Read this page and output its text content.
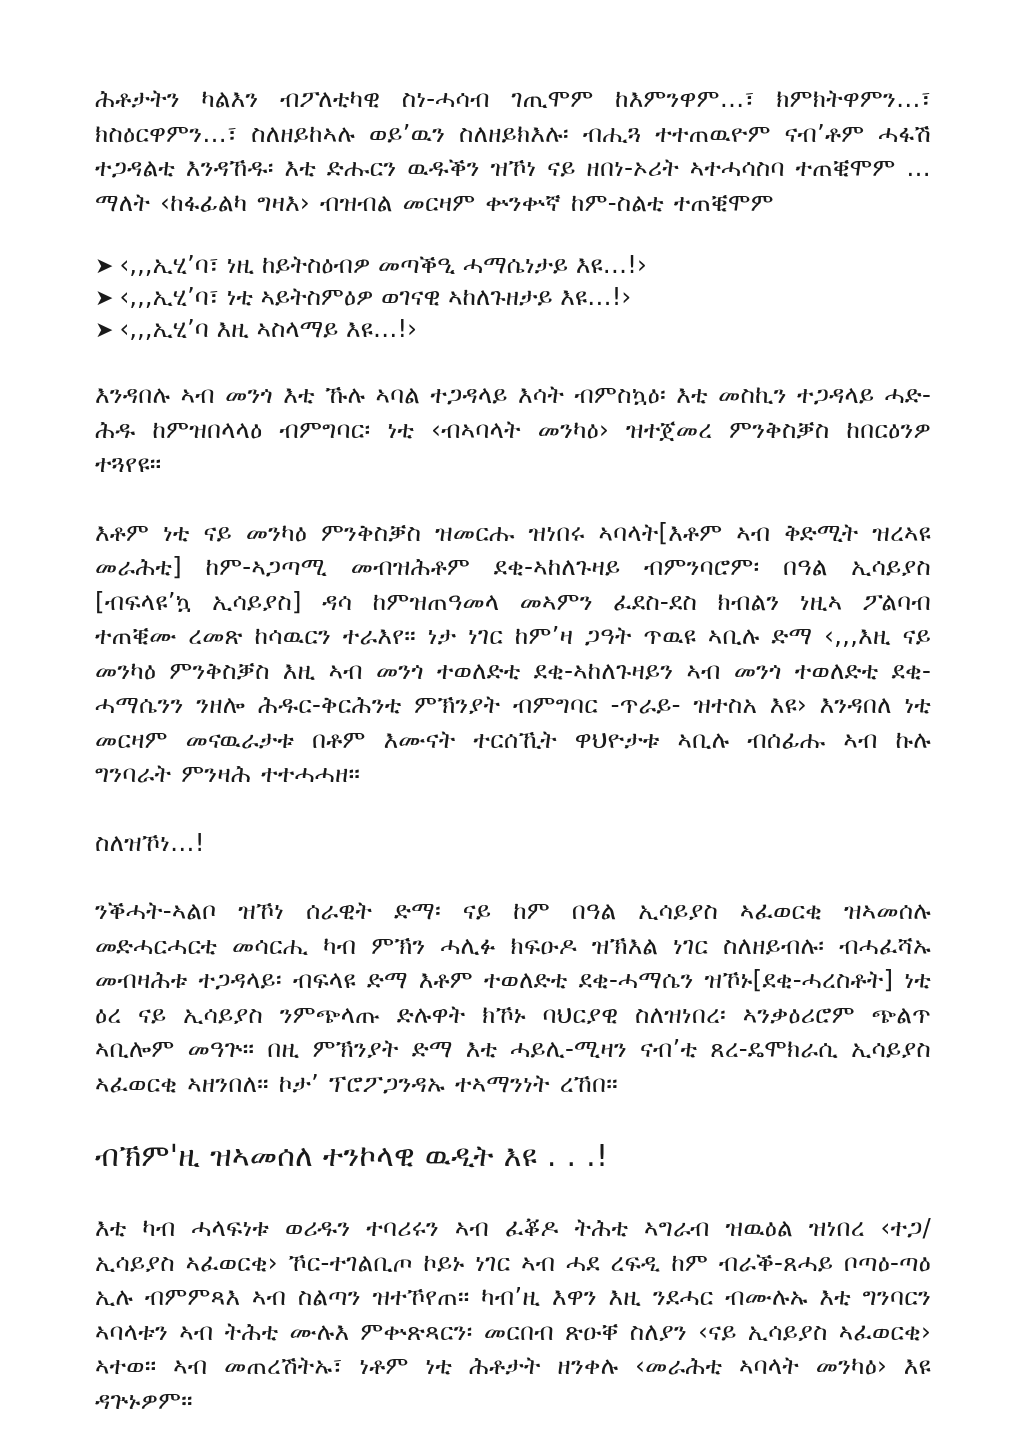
ሕቶታትን ካልእን ብፖለቲካዊ ስነ-ሓሳብ ገጢሞም ከእምንዋም…፣ ክምክትዋምን…፣ ክስዕርዋምን…፣ ስለዘይከኣሉ ወይ’ዉን ስለዘይክእሉ፡ ብሒጓ ተተጠዉዮም ናብ’ቶም ሓፋሽ ተጋዳልቲ እንዳኸዱ፡ እቲ ድሑርን ዉዱቕን ዝኾነ ናይ ዘበነ-ኦሪት ኣተሓሳስባ ተጠቒሞም …ማለት ‹ከፋፊልካ ግዛእ› ብዝብል መርዛም ቍንቍኛ ከም-ስልቲ ተጠቒሞም

➤ ‹,,,ኢሂ’ባ፣ ነዚ ከይትስዕብዎ መጣቕዒ ሓማሴነታይ እዩ…!›
➤ ‹,,,ኢሂ’ባ፣ ነቲ ኣይትስምዕዎ ወገናዊ ኣከለጉዘታይ እዩ…!›
➤ ‹,,,ኢሂ’ባ እዚ ኣስላማይ እዩ…!›

እንዳበሉ ኣብ መንጎ እቲ ኹሉ ኣባል ተጋዳላይ እሳት ብምስኳዕ፡ እቲ መስኪን ተጋዳላይ ሓድ-ሕዱ ከምዝበላላዕ ብምግባር፡ ነቲ ‹ብኣባላት መንካዕ› ዝተጀመረ ምንቅስቓስ ከበርዕንዎ ተጓየዩ።

እቶም ነቲ ናይ መንካዕ ምንቅስቓስ ዝመርሑ ዝነበሩ ኣባላት[እቶም ኣብ ቅድሚት ዝረኣዩ መራሕቲ] ከም-ኣጋጣሚ መብዝሕቶም ደቂ-ኣከለጉዛይ ብምንባሮም፡ በዓል ኢሳይያስ [ብፍላዩ’ኳ ኢሳይያስ] ዳሳ ከምዝጠዓመላ መኣምን ፈደስ-ደስ ክብልን ነዚኣ ፖልባብ ተጠቒሙ ረመጽ ከሳዉርን ተራእየ። ነታ ነገር ከም’ዛ ጋዓት ጥዉዩ ኣቢሉ ድማ ‹,,,እዚ ናይ መንካዕ ምንቅስቓስ እዚ ኣብ መንጎ ተወለድቲ ደቂ-ኣከለጉዛይን ኣብ መንጎ ተወለድቲ ደቂ-ሓማሴንን ንዘሎ ሕዱር-ቅርሕንቲ ምኽንያት ብምግባር -ጥራይ- ዝተስአ እዩ› እንዳበለ ነቲ መርዛም መናዉራታቱ በቶም እሙናት ተርሰኺት ዋህዮታቱ ኣቢሉ ብሰፊሑ ኣብ ኩሉ ግንባራት ምንዛሕ ተተሓሓዘ።

ስለዝኾነ…!

ንቕሓት-ኣልቦ ዝኾነ ሰራዊት ድማ፡ ናይ ከም በዓል ኢሳይያስ ኣፈወርቂ ዝኣመሰሉ መድሓርሓርቲ መሳርሒ ካብ ምኽን ሓሊፉ ክፍዑዶ ዝኽእል ነገር ስለዘይብሉ፡ ብሓፈሻኡ መብዛሕቱ ተጋዳላይ፡ ብፍላዩ ድማ እቶም ተወለድቲ ደቂ-ሓማሴን ዝኾኑ[ደቂ-ሓረስቶት] ነቲ ዕረ ናይ ኢሳይያስ ንምጭላጡ ድሉዋት ክኾኑ ባህርያዊ ስለዝነበረ፡ ኣንቃዕሪሮም ጭልጥ ኣቢሎም መዓጕ። በዚ ምኽንያት ድማ እቲ ሓይሊ-ሚዛን ናብ’ቲ ጸረ-ዴሞክራሲ ኢሳይያስ ኣፈወርቂ ኣዘንበለ። ኮታ’ ፕሮፖጋንዳኡ ተኣማንነት ረኸበ።

ብኽም'ዚ ዝኣመሰለ ተንኮላዊ ዉዲት እዩ . . .!

እቲ ካብ ሓላፍነቱ ወሪዱን ተባሪሩን ኣብ ፈቖዶ ትሕቲ ኣግራብ ዝዉዕል ዝነበረ ‹ተጋ/ ኢሳይያስ ኣፈወርቂ› ኾር-ተገልቢጦ ኮይኑ ነገር ኣብ ሓደ ረፍዲ ከም ብራቕ-ጸሓይ ቦጣዕ-ጣዕ ኢሉ ብምምጻእ ኣብ ስልጣን ዝተኾየጠ። ካብ’ዚ እዋን እዚ ንደሓር ብሙሉኡ እቲ ግንባርን ኣባላቱን ኣብ ትሕቲ ሙሉእ ምቍጽጻርን፡ መርበብ ጽዑቐ ስለያን ‹ናይ ኢሳይያስ ኣፈወርቂ› ኣተወ። ኣብ መጠረሽትኡ፣ ነቶም ነቲ ሕቶታት ዘንቀሉ ‹መራሕቲ ኣባላት መንካዕ› እዩ ዳጕኑዎም።
